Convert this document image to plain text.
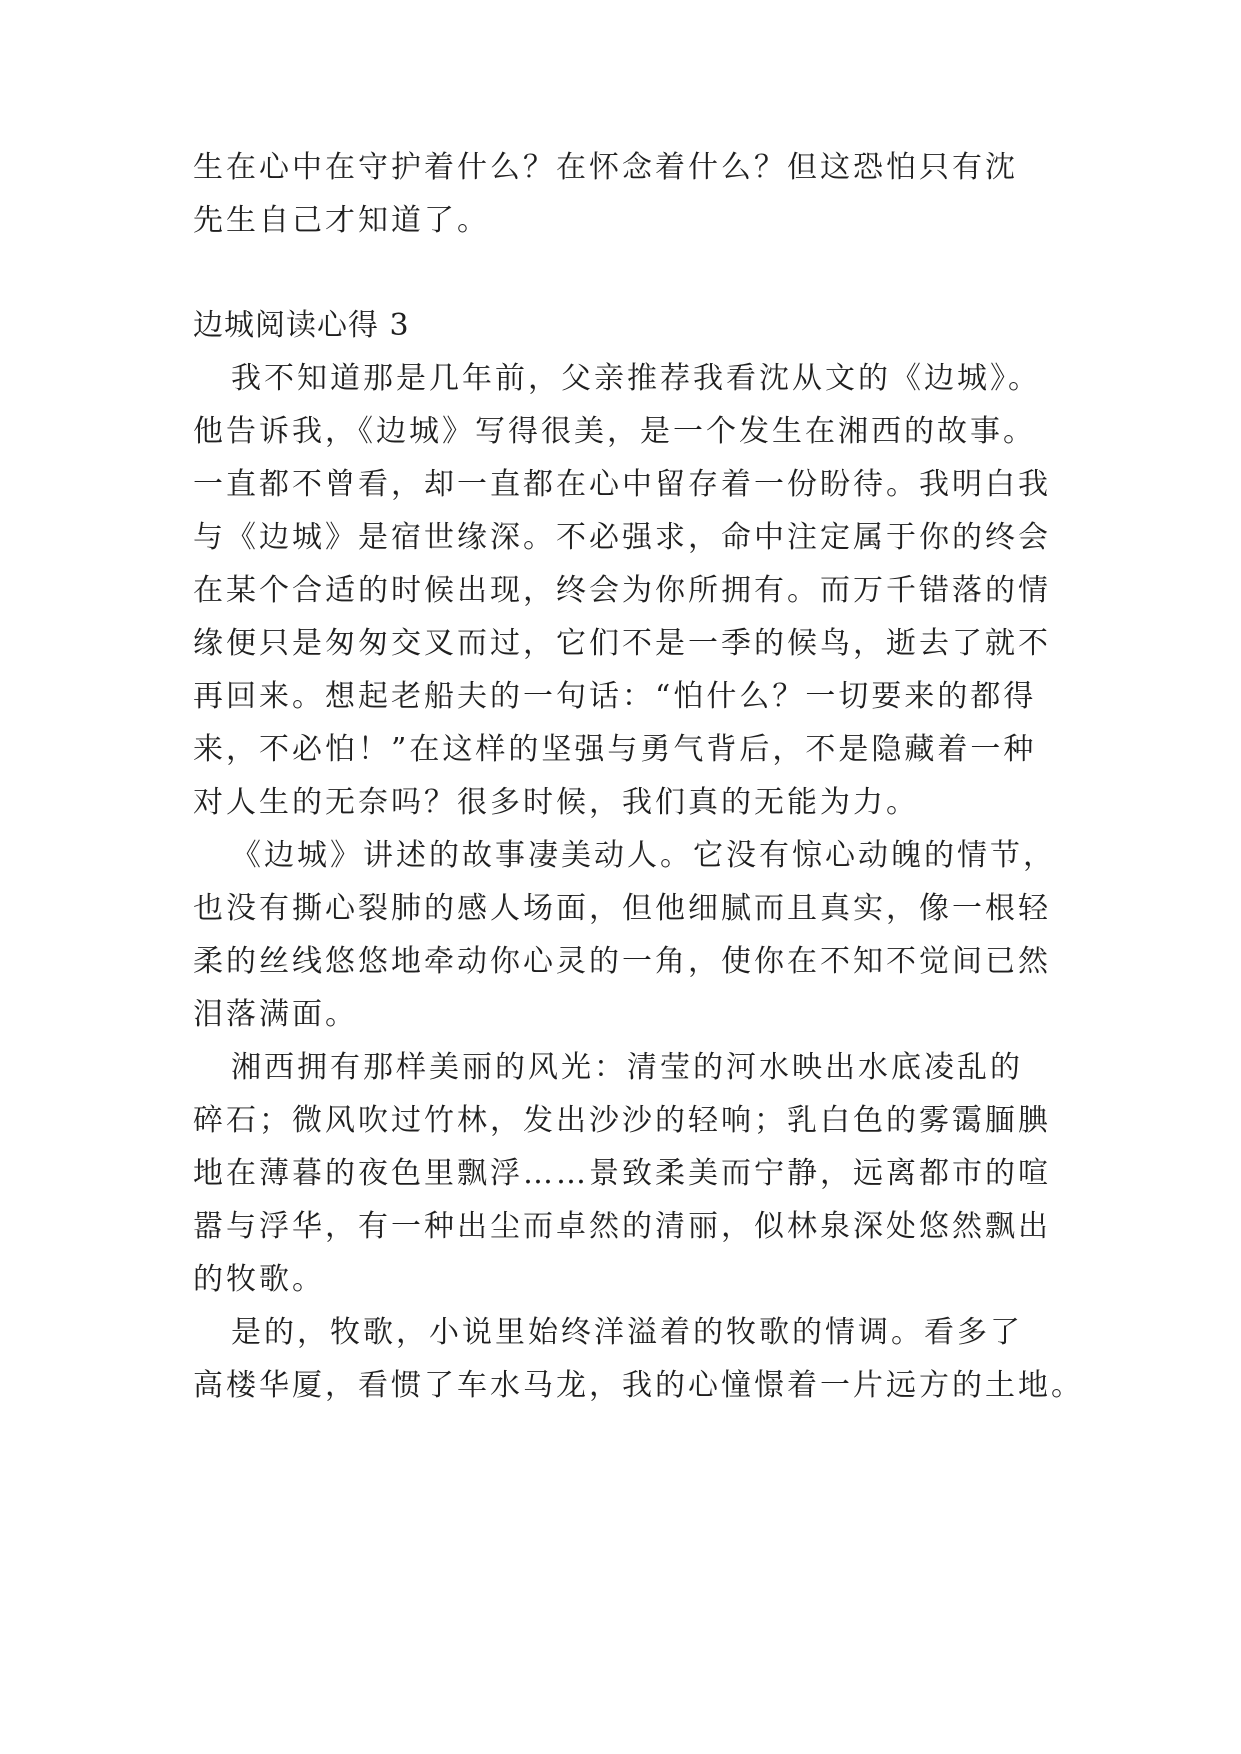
生在心中在守护着什么？在怀念着什么？但这恐怕只有沈
先生自己才知道了。
边城阅读心得 3
我不知道那是几年前，父亲推荐我看沈从文的《边城》。
他告诉我，《边城》写得很美，是一个发生在湘西的故事。
一直都不曾看，却一直都在心中留存着一份盼待。我明白我
与《边城》是宿世缘深。不必强求，命中注定属于你的终会
在某个合适的时候出现，终会为你所拥有。而万千错落的情
缘便只是匆匆交叉而过，它们不是一季的候鸟，逝去了就不
再回来。想起老船夫的一句话：“怕什么？一切要来的都得
来，不必怕！”在这样的坚强与勇气背后，不是隐藏着一种
对人生的无奈吗？很多时候，我们真的无能为力。
《边城》讲述的故事凄美动人。它没有惊心动魄的情节，
也没有撕心裂肺的感人场面，但他细腻而且真实，像一根轻
柔的丝线悠悠地牵动你心灵的一角，使你在不知不觉间已然
泪落满面。
湘西拥有那样美丽的风光：清莹的河水映出水底凌乱的
碎石；微风吹过竹林，发出沙沙的轻响；乳白色的雾霭腼腆
地在薄暮的夜色里飘浮……景致柔美而宁静，远离都市的喧
嚣与浮华，有一种出尘而卓然的清丽，似林泉深处悠然飘出
的牧歌。
是的，牧歌，小说里始终洋溢着的牧歌的情调。看多了
高楼华厦，看惯了车水马龙，我的心憧憬着一片远方的土地。
